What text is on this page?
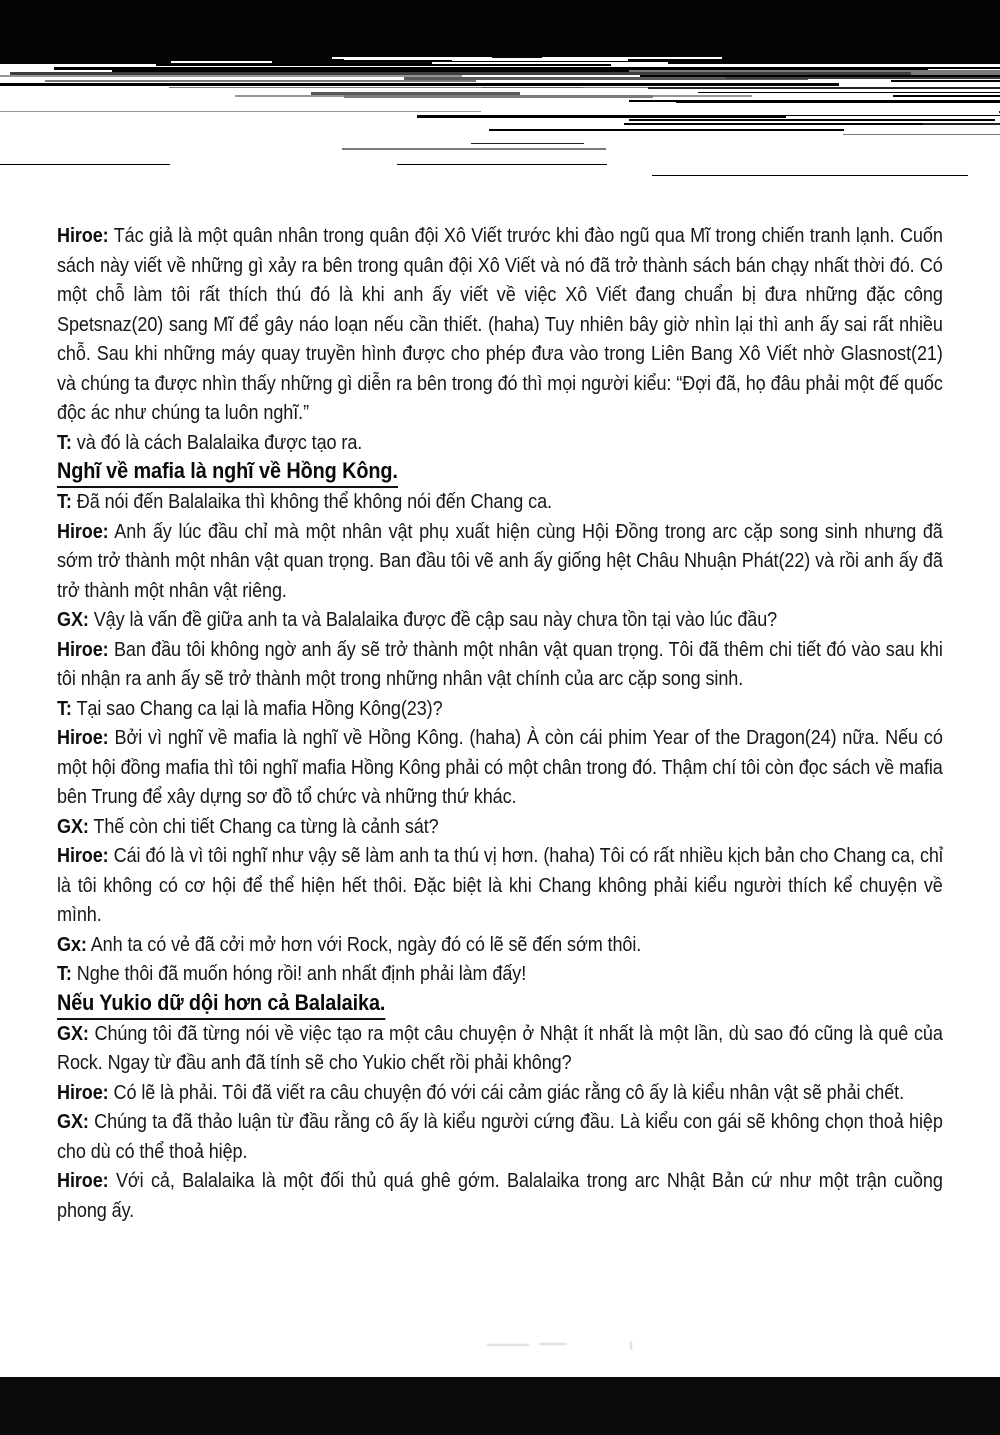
Hiroe: Tác giả là một quân nhân trong quân đội Xô Viết trước khi đào ngũ qua Mĩ trong chiến tranh lạnh. Cuốn sách này viết về những gì xảy ra bên trong quân đội Xô Viết và nó đã trở thành sách bán chạy nhất thời đó. Có một chỗ làm tôi rất thích thú đó là khi anh ấy viết về việc Xô Viết đang chuẩn bị đưa những đặc công Spetsnaz(20) sang Mĩ để gây náo loạn nếu cần thiết. (haha) Tuy nhiên bây giờ nhìn lại thì anh ấy sai rất nhiều chỗ. Sau khi những máy quay truyền hình được cho phép đưa vào trong Liên Bang Xô Viết nhờ Glasnost(21) và chúng ta được nhìn thấy những gì diễn ra bên trong đó thì mọi người kiểu: “Đợi đã, họ đâu phải một đế quốc độc ác như chúng ta luôn nghĩ.”

T: và đó là cách Balalaika được tạo ra.

Nghĩ về mafia là nghĩ về Hồng Kông.

T: Đã nói đến Balalaika thì không thể không nói đến Chang ca.

Hiroe: Anh ấy lúc đầu chỉ mà một nhân vật phụ xuất hiện cùng Hội Đồng trong arc cặp song sinh nhưng đã sớm trở thành một nhân vật quan trọng. Ban đầu tôi vẽ anh ấy giống hệt Châu Nhuận Phát(22) và rồi anh ấy đã trở thành một nhân vật riêng.

GX: Vậy là vấn đề giữa anh ta và Balalaika được đề cập sau này chưa tồn tại vào lúc đầu?

Hiroe: Ban đầu tôi không ngờ anh ấy sẽ trở thành một nhân vật quan trọng. Tôi đã thêm chi tiết đó vào sau khi tôi nhận ra anh ấy sẽ trở thành một trong những nhân vật chính của arc cặp song sinh.

T: Tại sao Chang ca lại là mafia Hồng Kông(23)?

Hiroe: Bởi vì nghĩ về mafia là nghĩ về Hồng Kông. (haha) À còn cái phim Year of the Dragon(24) nữa. Nếu có một hội đồng mafia thì tôi nghĩ mafia Hồng Kông phải có một chân trong đó. Thậm chí tôi còn đọc sách về mafia bên Trung để xây dựng sơ đồ tổ chức và những thứ khác.

GX: Thế còn chi tiết Chang ca từng là cảnh sát?

Hiroe: Cái đó là vì tôi nghĩ như vậy sẽ làm anh ta thú vị hơn. (haha) Tôi có rất nhiều kịch bản cho Chang ca, chỉ là tôi không có cơ hội để thể hiện hết thôi. Đặc biệt là khi Chang không phải kiểu người thích kể chuyện về mình.

Gx: Anh ta có vẻ đã cởi mở hơn với Rock, ngày đó có lẽ sẽ đến sớm thôi.

T: Nghe thôi đã muốn hóng rồi! anh nhất định phải làm đấy!

Nếu Yukio dữ dội hơn cả Balalaika.

GX: Chúng tôi đã từng nói về việc tạo ra một câu chuyện ở Nhật ít nhất là một lần, dù sao đó cũng là quê của Rock. Ngay từ đầu anh đã tính sẽ cho Yukio chết rồi phải không?

Hiroe: Có lẽ là phải. Tôi đã viết ra câu chuyện đó với cái cảm giác rằng cô ấy là kiểu nhân vật sẽ phải chết.

GX: Chúng ta đã thảo luận từ đầu rằng cô ấy là kiểu người cứng đầu. Là kiểu con gái sẽ không chọn thoả hiệp cho dù có thể thoả hiệp.

Hiroe: Với cả, Balalaika là một đối thủ quá ghê gớm. Balalaika trong arc Nhật Bản cứ như một trận cuồng phong ấy.
